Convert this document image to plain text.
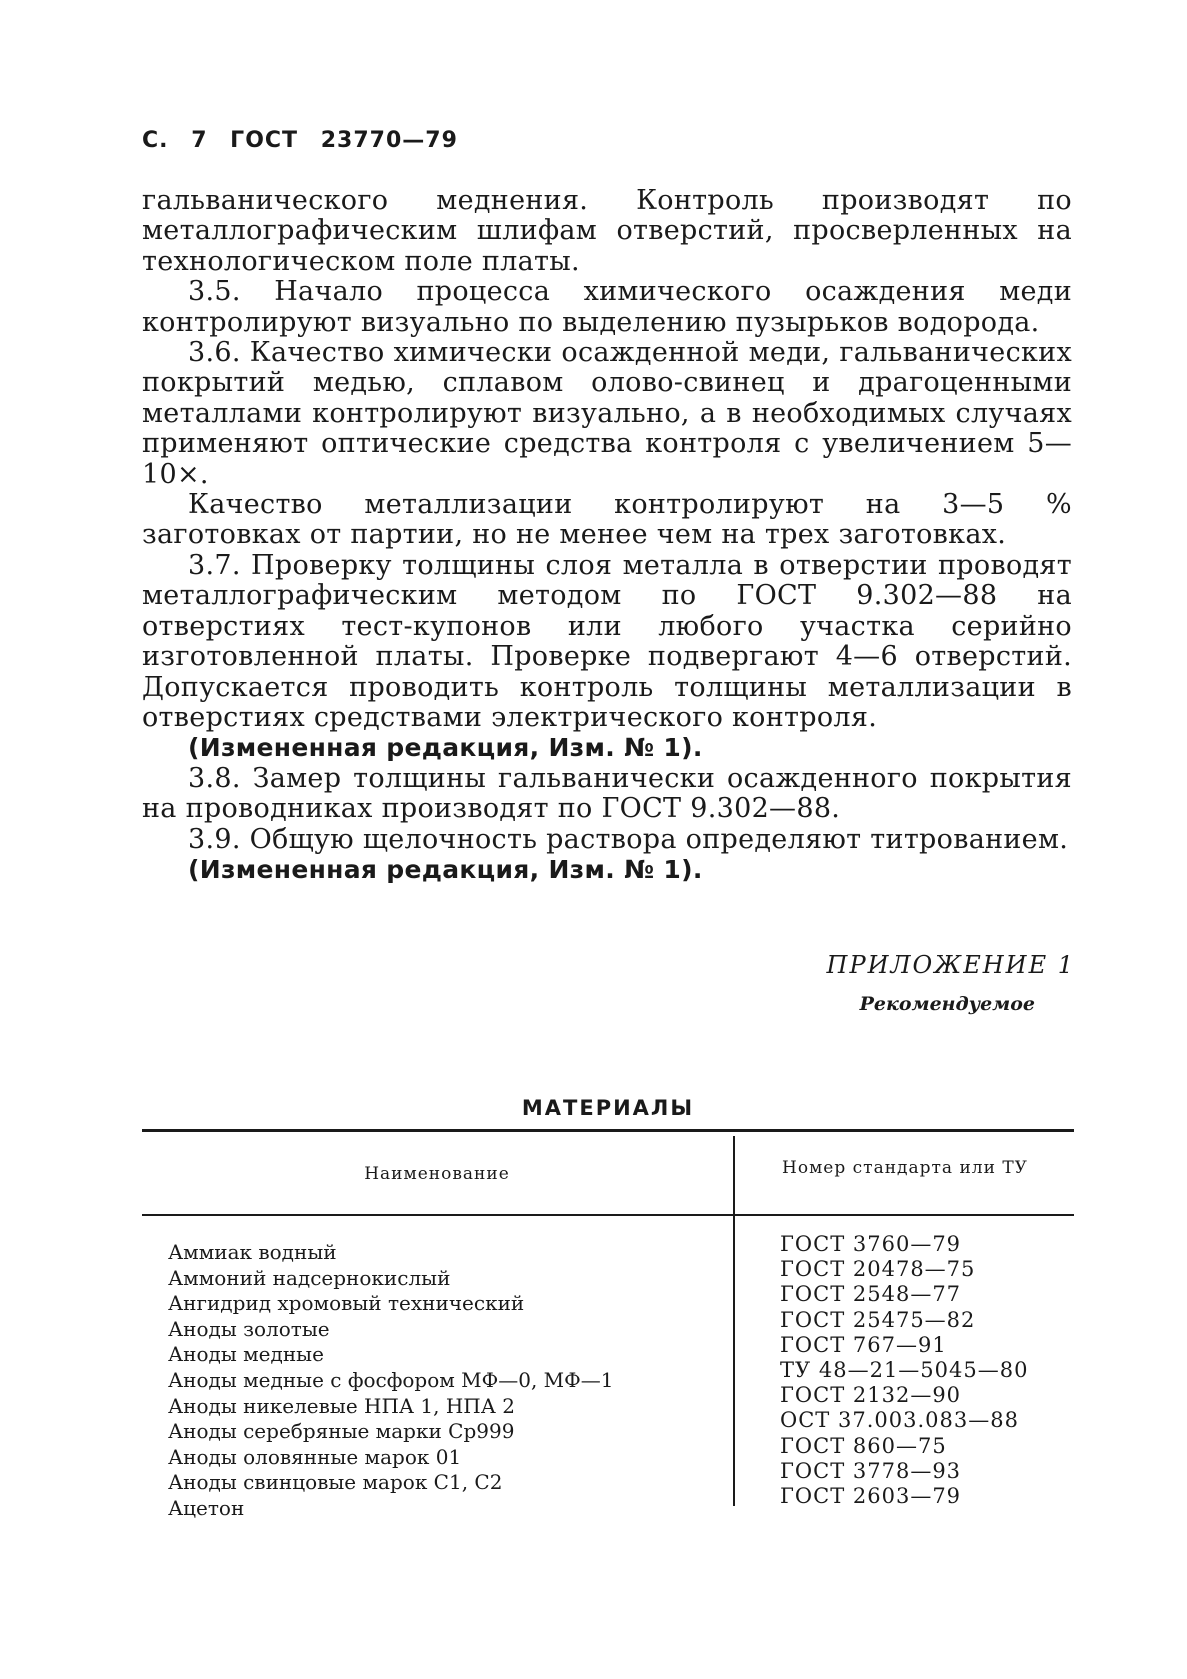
С. 7 ГОСТ 23770—79

гальванического меднения. Контроль производят по металлографическим шлифам отверстий, просверленных на технологическом поле платы.

3.5. Начало процесса химического осаждения меди контролируют визуально по выделению пузырьков водорода.

3.6. Качество химически осажденной меди, гальванических покрытий медью, сплавом олово-свинец и драгоценными металлами контролируют визуально, а в необходимых случаях применяют оптические средства контроля с увеличением 5—10×.

Качество металлизации контролируют на 3—5 % заготовках от партии, но не менее чем на трех заготовках.

3.7. Проверку толщины слоя металла в отверстии проводят металлографическим методом по ГОСТ 9.302—88 на отверстиях тест-купонов или любого участка серийно изготовленной платы. Проверке подвергают 4—6 отверстий. Допускается проводить контроль толщины металлизации в отверстиях средствами электрического контроля.

(Измененная редакция, Изм. № 1).

3.8. Замер толщины гальванически осажденного покрытия на проводниках производят по ГОСТ 9.302—88.

3.9. Общую щелочность раствора определяют титрованием.

(Измененная редакция, Изм. № 1).

ПРИЛОЖЕНИЕ 1
Рекомендуемое
МАТЕРИАЛЫ
Наименование	Номер стандарта или ТУ
Аммиак водный
Аммоний надсернокислый
Ангидрид хромовый технический
Аноды золотые
Аноды медные
Аноды медные с фосфором МФ—0, МФ—1
Аноды никелевые НПА 1, НПА 2
Аноды серебряные марки Ср999
Аноды оловянные марок 01
Аноды свинцовые марок С1, С2
Ацетон
ГОСТ 3760—79
ГОСТ 20478—75
ГОСТ 2548—77
ГОСТ 25475—82
ГОСТ 767—91
ТУ 48—21—5045—80
ГОСТ 2132—90
ОСТ 37.003.083—88
ГОСТ 860—75
ГОСТ 3778—93
ГОСТ 2603—79
